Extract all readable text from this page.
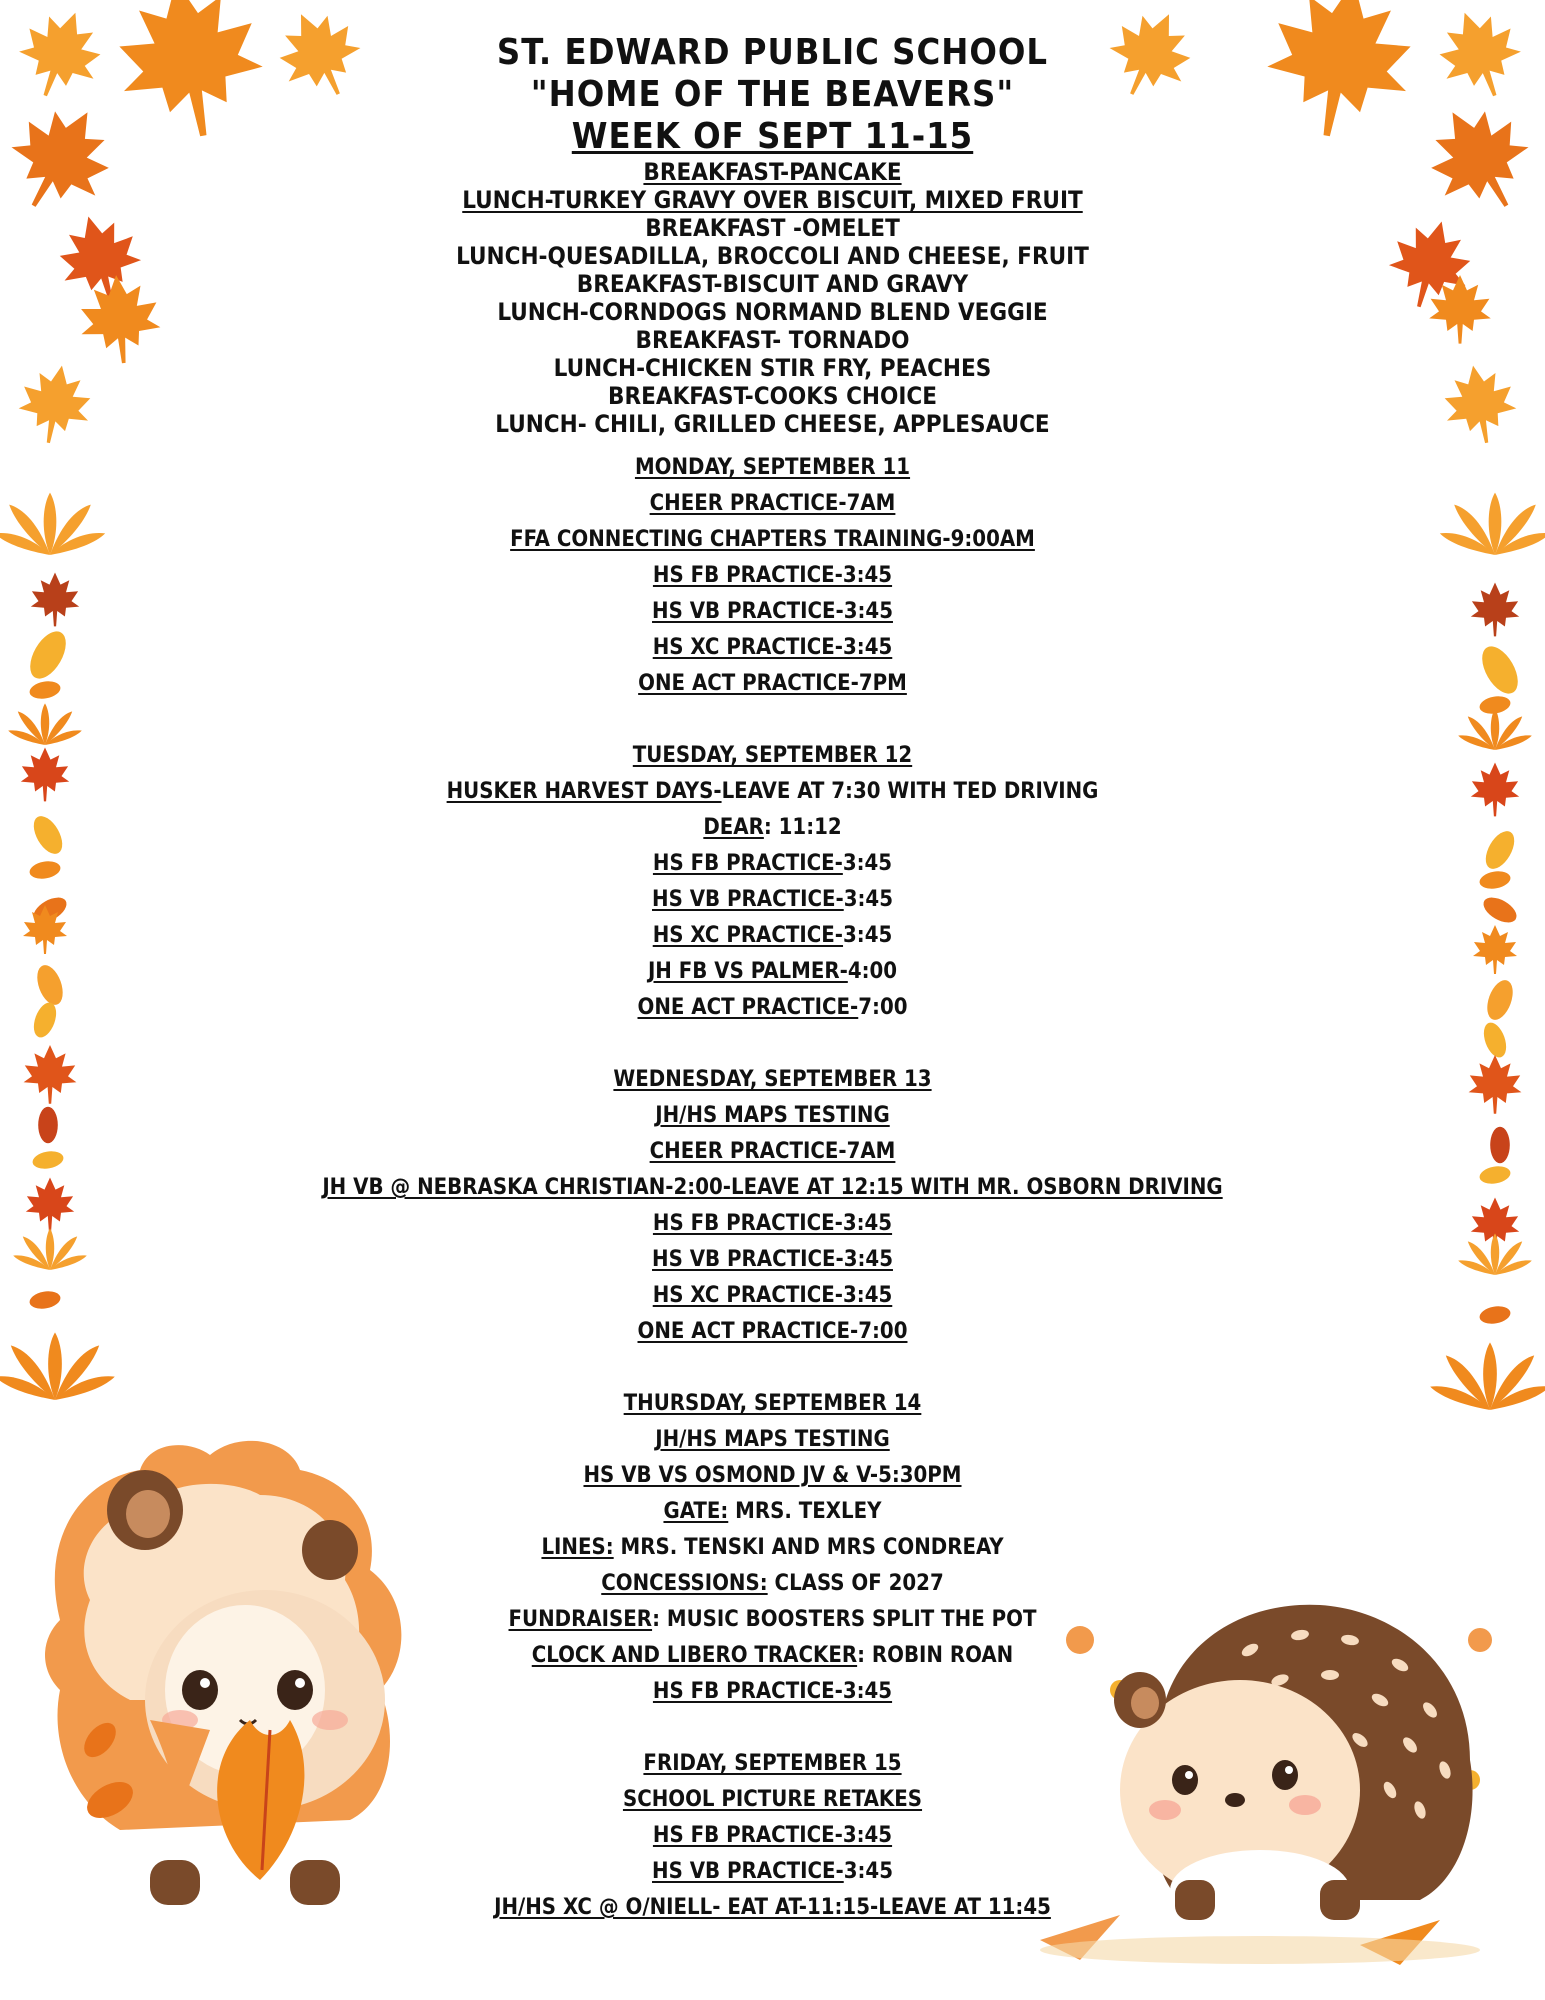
ST. EDWARD PUBLIC SCHOOL

"HOME OF THE BEAVERS"

WEEK OF SEPT 11-15

BREAKFAST-PANCAKE

LUNCH-TURKEY GRAVY OVER BISCUIT, MIXED FRUIT

BREAKFAST -OMELET

LUNCH-QUESADILLA, BROCCOLI AND CHEESE, FRUIT

BREAKFAST-BISCUIT AND GRAVY

LUNCH-CORNDOGS NORMAND BLEND VEGGIE

BREAKFAST- TORNADO

LUNCH-CHICKEN STIR FRY, PEACHES

BREAKFAST-COOKS CHOICE

LUNCH- CHILI, GRILLED CHEESE, APPLESAUCE

MONDAY, SEPTEMBER 11

CHEER PRACTICE-7AM

FFA CONNECTING CHAPTERS TRAINING-9:00AM

HS FB PRACTICE-3:45

HS VB PRACTICE-3:45

HS XC PRACTICE-3:45

ONE ACT PRACTICE-7PM

TUESDAY, SEPTEMBER 12

HUSKER HARVEST DAYS-LEAVE AT 7:30 WITH TED DRIVING

DEAR: 11:12

HS FB PRACTICE-3:45

HS VB PRACTICE-3:45

HS XC PRACTICE-3:45

JH FB VS PALMER-4:00

ONE ACT PRACTICE-7:00

WEDNESDAY, SEPTEMBER 13

JH/HS MAPS TESTING

CHEER PRACTICE-7AM

JH VB @ NEBRASKA CHRISTIAN-2:00-LEAVE AT 12:15 WITH MR. OSBORN DRIVING

HS FB PRACTICE-3:45

HS VB PRACTICE-3:45

HS XC PRACTICE-3:45

ONE ACT PRACTICE-7:00

THURSDAY, SEPTEMBER 14

JH/HS MAPS TESTING

HS VB VS OSMOND JV & V-5:30PM

GATE: MRS. TEXLEY

LINES: MRS. TENSKI AND MRS CONDREAY

CONCESSIONS: CLASS OF 2027

FUNDRAISER: MUSIC BOOSTERS SPLIT THE POT

CLOCK AND LIBERO TRACKER: ROBIN ROAN

HS FB PRACTICE-3:45

FRIDAY, SEPTEMBER 15

SCHOOL PICTURE RETAKES

HS FB PRACTICE-3:45

HS VB PRACTICE-3:45

JH/HS XC @ O/NIELL- EAT AT-11:15-LEAVE AT 11:45
